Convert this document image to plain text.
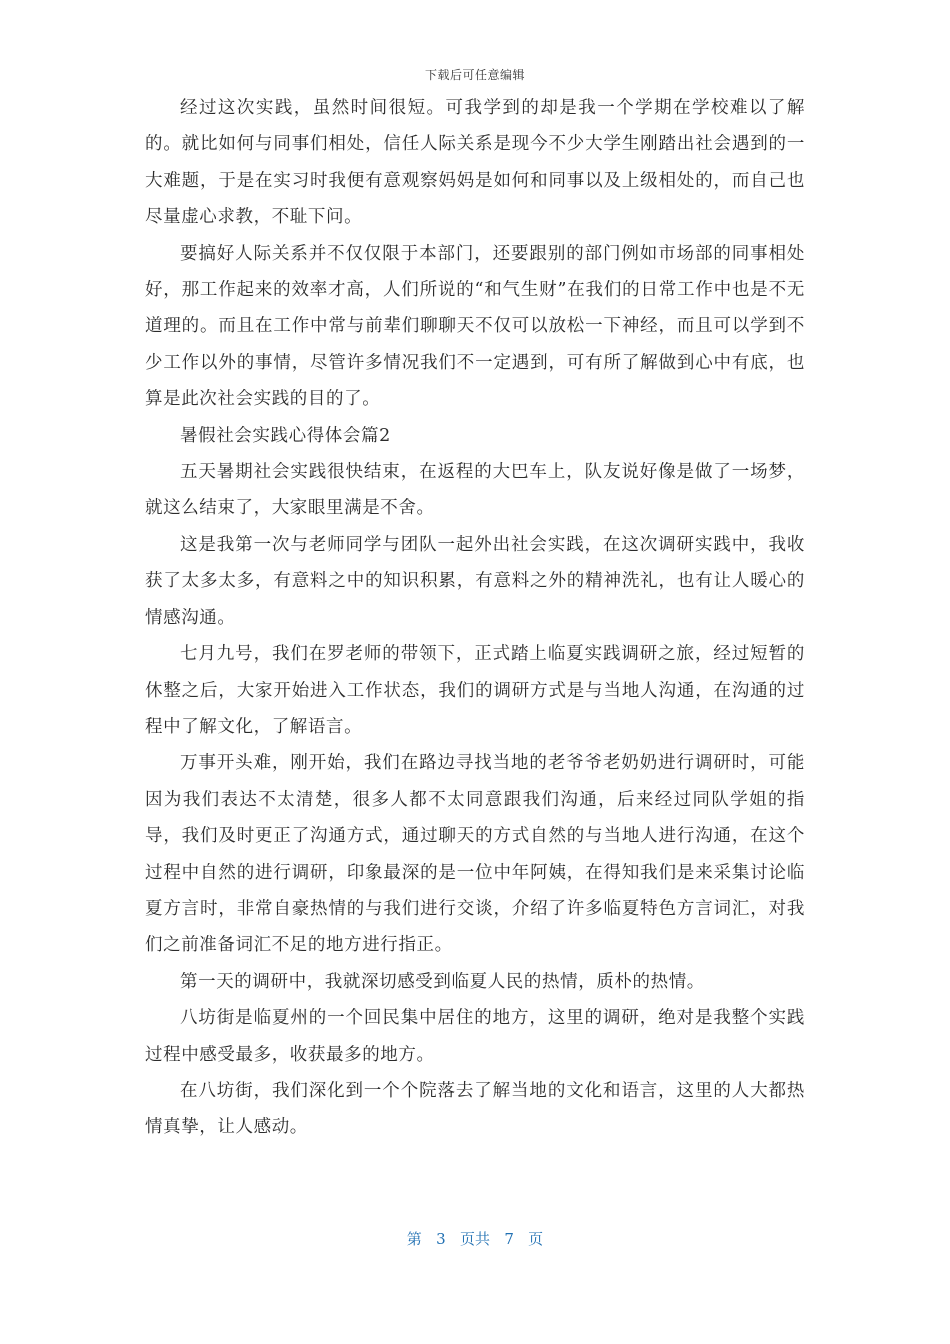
下载后可任意编辑

经过这次实践，虽然时间很短。可我学到的却是我一个学期在学校难以了解的。就比如何与同事们相处，信任人际关系是现今不少大学生刚踏出社会遇到的一大难题，于是在实习时我便有意观察妈妈是如何和同事以及上级相处的，而自己也尽量虚心求教，不耻下问。

要搞好人际关系并不仅仅限于本部门，还要跟别的部门例如市场部的同事相处好，那工作起来的效率才高，人们所说的“和气生财”在我们的日常工作中也是不无道理的。而且在工作中常与前辈们聊聊天不仅可以放松一下神经，而且可以学到不少工作以外的事情，尽管许多情况我们不一定遇到，可有所了解做到心中有底，也算是此次社会实践的目的了。

暑假社会实践心得体会篇2

五天暑期社会实践很快结束，在返程的大巴车上，队友说好像是做了一场梦，就这么结束了，大家眼里满是不舍。

这是我第一次与老师同学与团队一起外出社会实践，在这次调研实践中，我收获了太多太多，有意料之中的知识积累，有意料之外的精神洗礼，也有让人暖心的情感沟通。

七月九号，我们在罗老师的带领下，正式踏上临夏实践调研之旅，经过短暂的休整之后，大家开始进入工作状态，我们的调研方式是与当地人沟通，在沟通的过程中了解文化，了解语言。

万事开头难，刚开始，我们在路边寻找当地的老爷爷老奶奶进行调研时，可能因为我们表达不太清楚，很多人都不太同意跟我们沟通，后来经过同队学姐的指导，我们及时更正了沟通方式，通过聊天的方式自然的与当地人进行沟通，在这个过程中自然的进行调研，印象最深的是一位中年阿姨，在得知我们是来采集讨论临夏方言时，非常自豪热情的与我们进行交谈，介绍了许多临夏特色方言词汇，对我们之前准备词汇不足的地方进行指正。

第一天的调研中，我就深切感受到临夏人民的热情，质朴的热情。

八坊街是临夏州的一个回民集中居住的地方，这里的调研，绝对是我整个实践过程中感受最多，收获最多的地方。

在八坊街，我们深化到一个个院落去了解当地的文化和语言，这里的人大都热情真挚，让人感动。

第 3 页共 7 页
